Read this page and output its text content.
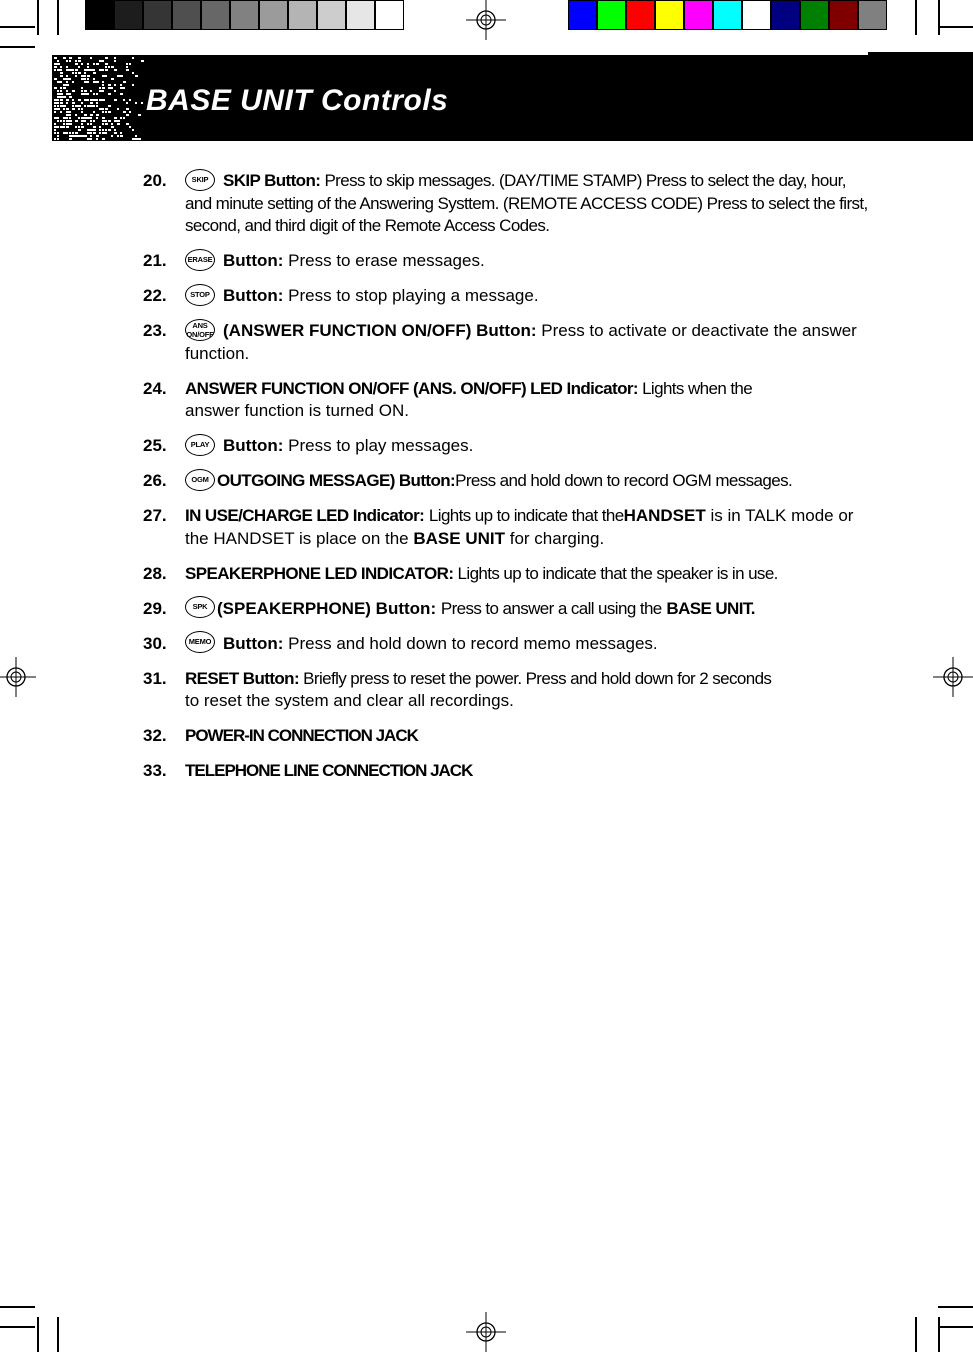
BASE UNIT Controls
20.	SKIP SKIP Button: Press to skip messages. (DAY/TIME STAMP) Press to select the day, hour, and minute setting of the Answering Systtem. (REMOTE ACCESS CODE) Press to select the first, second, and third digit of the Remote Access Codes.
21.	ERASE Button: Press to erase messages.
22.	STOP Button: Press to stop playing a message.
23.	ANS
ON/OFF (ANSWER FUNCTION ON/OFF) Button: Press to activate or deactivate the answer function.
24. ANSWER FUNCTION ON/OFF (ANS. ON/OFF) LED Indicator: Lights when the
answer function is turned ON.
25.	PLAY Button: Press to play messages.
26.	OGM OUTGOING MESSAGE) Button:Press and hold down to record OGM messages.
27. IN USE/CHARGE LED Indicator: Lights up to indicate that theHANDSET is in TALK mode or the HANDSET is place on the BASE UNIT for charging.
28. SPEAKERPHONE LED INDICATOR: Lights up to indicate that the speaker is in use.
29.	SPK (SPEAKERPHONE) Button: Press to answer a call using the BASE UNIT.
30.	MEMO Button: Press and hold down to record memo messages.
31. RESET Button: Briefly press to reset the power. Press and hold down for 2 seconds
to reset the system and clear all recordings.
32. POWER-IN CONNECTION JACK
33. TELEPHONE LINE CONNECTION JACK
